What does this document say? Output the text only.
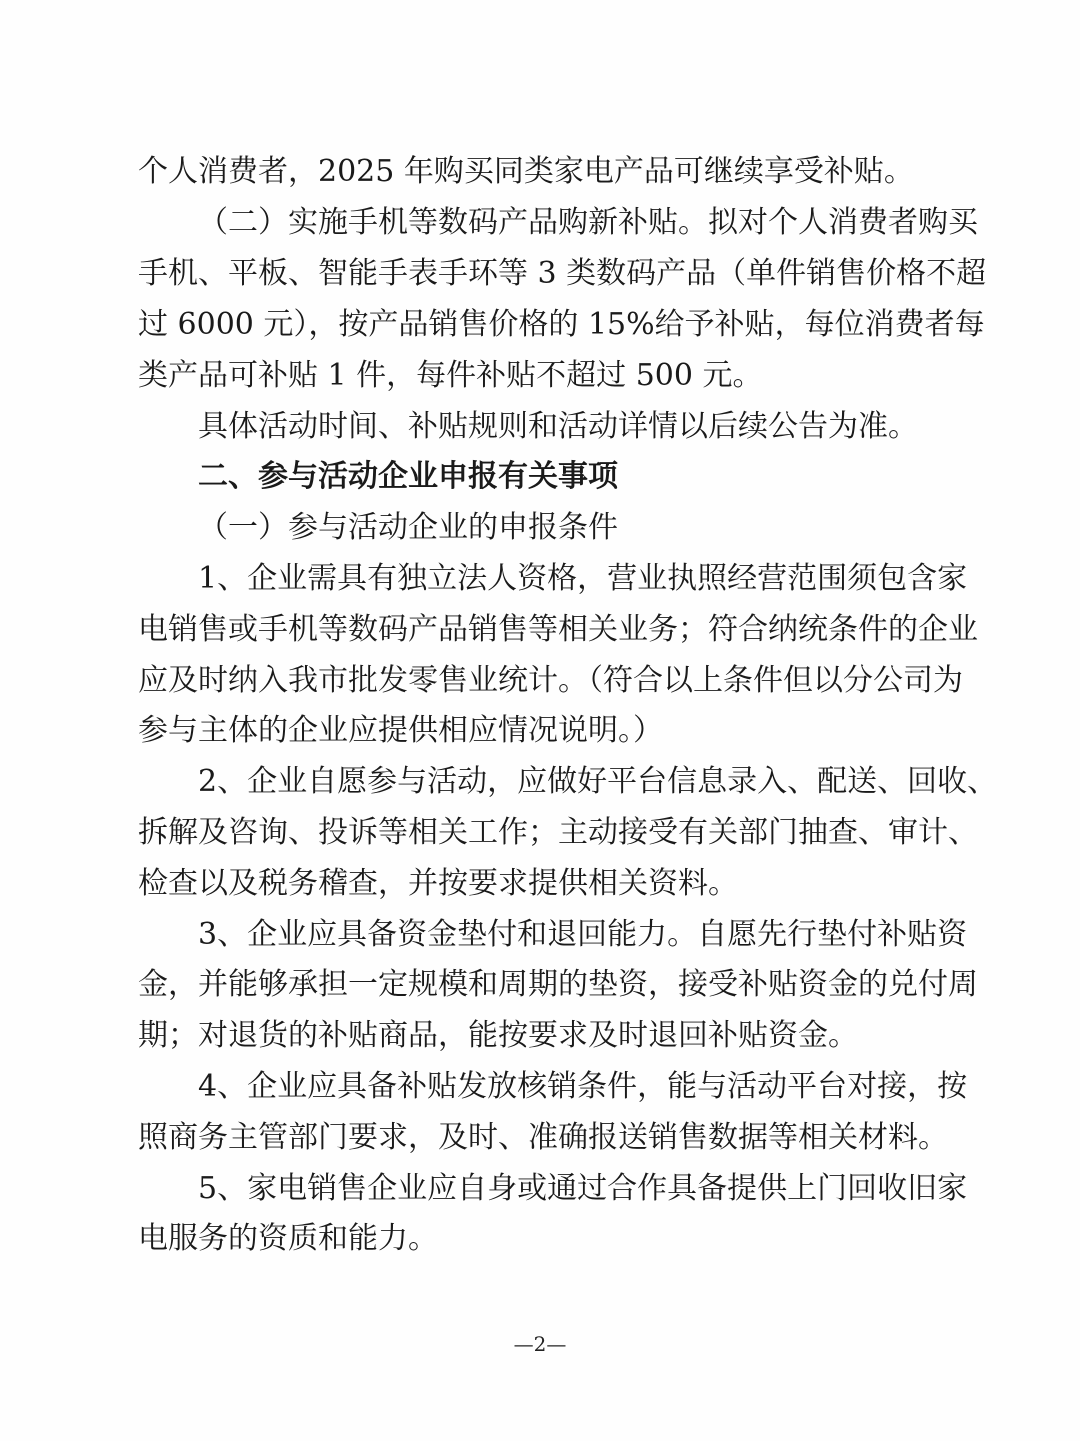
个人消费者，2025 年购买同类家电产品可继续享受补贴。
（二）实施手机等数码产品购新补贴。拟对个人消费者购买
手机、平板、智能手表手环等 3 类数码产品（单件销售价格不超
过 6000 元），按产品销售价格的 15%给予补贴，每位消费者每
类产品可补贴 1 件，每件补贴不超过 500 元。
具体活动时间、补贴规则和活动详情以后续公告为准。
二、参与活动企业申报有关事项
（一）参与活动企业的申报条件
1、企业需具有独立法人资格，营业执照经营范围须包含家
电销售或手机等数码产品销售等相关业务；符合纳统条件的企业
应及时纳入我市批发零售业统计。（符合以上条件但以分公司为
参与主体的企业应提供相应情况说明。）
2、企业自愿参与活动，应做好平台信息录入、配送、回收、
拆解及咨询、投诉等相关工作；主动接受有关部门抽查、审计、
检查以及税务稽查，并按要求提供相关资料。
3、企业应具备资金垫付和退回能力。自愿先行垫付补贴资
金，并能够承担一定规模和周期的垫资，接受补贴资金的兑付周
期；对退货的补贴商品，能按要求及时退回补贴资金。
4、企业应具备补贴发放核销条件，能与活动平台对接，按
照商务主管部门要求，及时、准确报送销售数据等相关材料。
5、家电销售企业应自身或通过合作具备提供上门回收旧家
电服务的资质和能力。
—2—
